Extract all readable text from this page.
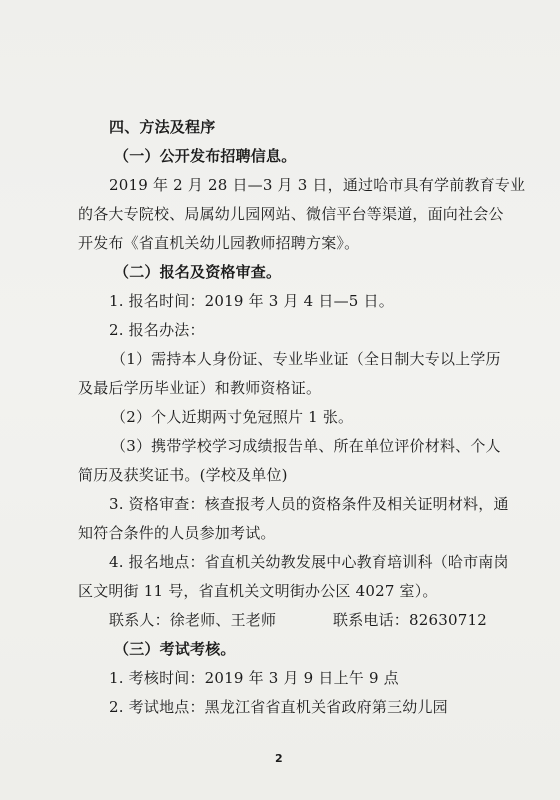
四、方法及程序
（一）公开发布招聘信息。
2019 年 2 月 28 日—3 月 3 日，通过哈市具有学前教育专业
的各大专院校、局属幼儿园网站、微信平台等渠道，面向社会公
开发布《省直机关幼儿园教师招聘方案》。
（二）报名及资格审查。
1. 报名时间：2019 年 3 月 4 日—5 日。
2. 报名办法：
（1）需持本人身份证、专业毕业证（全日制大专以上学历
及最后学历毕业证）和教师资格证。
（2）个人近期两寸免冠照片 1 张。
（3）携带学校学习成绩报告单、所在单位评价材料、个人
简历及获奖证书。(学校及单位)
3. 资格审查：核查报考人员的资格条件及相关证明材料，通
知符合条件的人员参加考试。
4. 报名地点：省直机关幼教发展中心教育培训科（哈市南岗
区文明街 11 号，省直机关文明街办公区 4027 室）。
联系人：徐老师、王老师	联系电话：82630712
（三）考试考核。
1. 考核时间：2019 年 3 月 9 日上午 9 点
2. 考试地点：黑龙江省省直机关省政府第三幼儿园
2
